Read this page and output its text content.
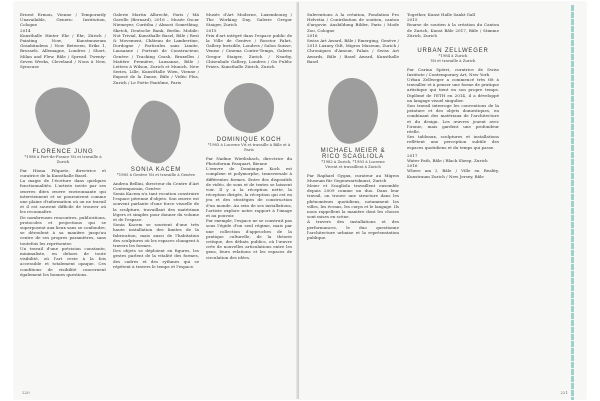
Ernest Ermon, Vienne / Temporarily Unavailable, Generic Institution, Cologne
2014
Kunsthalle Hinter Ehr / Ehr, Zürich / Painting Now, Kunstmuseum Graubündens / Now Between, Eriks 1, Brussels. Allemagne, Londres / Short, Milan and Flew, Bâle / Spread. Twenty-Seven Weeks, Cleveland / Nous à New, Syracuse
FLORENCE JUNG
*1986 à Fort-de-France Vit et travaille à Zurich
Par Hiona Pilquete, directrice et curatrice de la Kunsthalle Basel.
La magie de l'écriture dans quelques fonctionnalités. L'artiste invite par ses œuvres dites œuvre environnante qui interviennent et se poursuivent comme une plaine d'information où on ne travail et il est souvent difficile de trouver où les reconnaître.
De nombreuses rencontres, publications, protocoles et projections qui se superposent aux lieux sans se confondre, se déroulent à sa manière jusqu'au centre de ses propres paramètres, sans toutefois les représenter.
Un travail d'une précision constante, minimaliste, en dehors de toute visibilité, où l'art reste à la fois accessible et totalement opaque. Ces conditions de visibilité concernent également les bonnes questions.
Galerie Martin Albrecht, Paris / Mä Gavelle (Bernard), 2016 – Musée Oscar Niemeyer, Curitiba / Almost Something. Sketch, Deutsche Bank, Berlin. Mobile: Not Trivial, Kunsthalle Basel, Bâle / Rest & Movement, Château de Lambertine, Dordogne / Particules sans Limite, Lausanne / Portrait de Constructeur, Genève / Tracking Crash, Bruxelles / Matière Première, Lausanne, Bâle / Lettres à Wilson, Zurich et Munich. New Series, Lille, KunstHalle Wien, Vienne / Exposé de la Danse, Bâle / Vidéo Plus, Zurich / Le Poète Fantôme, Paris
SONIA KACEM
*1985 à Genève Vit et travaille à Genève
Andrea Bellini, directeur du Centre d'Art Contemporain, Genève
Sonia Kacem n'a tant vocation construire l'espace pérenne d'objets. Son œuvre est souvent parlante d'une force visuelle de la sculpture, travaillant des matériaux légers et simples pour donner du volume et de l'espace.
Sonia Kacem se souvient d'une très haute installation des limites de la fabrication, mais aussi de l'habitation des sculptures où les espaces changent à travers les formes.
Des objets se déploient en figures, les gestes parlent de la vitalité des formes, des cadres et des rythmes qui se répètent à travers le temps et l'espace.
Musée d'Art Moderne, Luxembourg / The Working Day, Galerie Gregor Staiger, Zurich
2015
Prix d'art intégré dans l'espace public de la Ville de Genève / Rosstor Fahrt, Gallery Invisible, Londres / Salon Suisse, Venise / Cinema Contre-Temps, Galerie Gregor Staiger, Zurich / Nearby, Chisenhale Gallery, Londres / On Public Prizes. Kunsthalle Zürich, Zurich
DOMINIQUE KOCH
*1983 à Lucerne Vit et travaille à Bâle et à Paris
Par Nadine Wietlisbach, directrice du Photoforum Pasquart, Bienne
L'œuvre de Dominique Koch est complexe et polymorphe, transversale à différentes formes. Entre des dispositifs de vidéo, de sons et de textes se laissent voir. Il y a la réception nette, la réception dirigée, la réception qui est en jeu et des stratégies de construction d'un monde. Au sein de ses installations, l'artiste explore notre rapport à l'image et au pouvoir.
Par exemple, l'espace ne se construit pas sous l'égide d'un seul régime, mais par une collection d'approches de la pratique culturelle, de la théorie critique, des débats publics, où l'œuvre crée de nouvelles articulations entre les gens, leurs relations et les espaces de circulation des idées.
220
Subventions à la création, Fondation Pro Helvetia / Contribution de soutien, canton d'argovie. Ausbildung Bilder, Paris / Mode Zoo, Cologne
2016
Swiss Art Award, Bâle / Emerging, Genève / 2015 Luxury Gift, Migros Museum, Zurich / Chroniques d'Amour, Palais / Swiss Art Awards, Bâle / Basel Award, Kunsthalle Basel
MICHAEL MEIER &
RICO SCAGLIOLA
*1982 à Zurich, *1983 à Lucerne
Vivent et travaillent à Zurich
Par Raphael Gygax, curateur au Migros Museum für Gegenwartskunst, Zurich
Meier et Scagliola travaillent ensemble depuis 2009 comme un duo. Dans leur travail, on trouve une structure dans les phénomènes quotidiens, notamment les villes, les écrans, les corps et le langage. Ils nous rappellent la manière dont les choses sont mises en scène.
À travers des installations et des performances, le duo questionne l'architecture urbaine et la représentation publique.
Together, Kunst Halle Sankt Gall
2015
Bourse de soutien à la création du Canton de Zurich, Kunst Bâle 2017, Bâle / Stimme Zürich, Zurich
URBAN ZELLWEGER
*1984 à Zurich
Vit et travaille à Zurich
Par Carina Spörri, curatrice de Swiss Institute / Contemporary Art, New York
Urban Zellweger a commencé très tôt à travailler et à penser une forme de pratique artistique qui tient en son propre temps. Diplômé de l'ETH en 2014, il a développé un langage visuel singulier.
Son travail interroge les conventions de la peinture et des objets domestiques, en combinant des matériaux de l'architecture et du design. Les œuvres jouent avec l'ironie, mais gardent une profondeur réelle.
Ses tableaux, sculptures et installations reflètent une perception subtile des espaces quotidiens et du temps qui passe.
2017
Water Path, Bâle / Black Sheep, Zurich
2016
Where am I, Bâle / Ville en Reality, Kunstraum Zurich / New Jersey, Bâle
221
